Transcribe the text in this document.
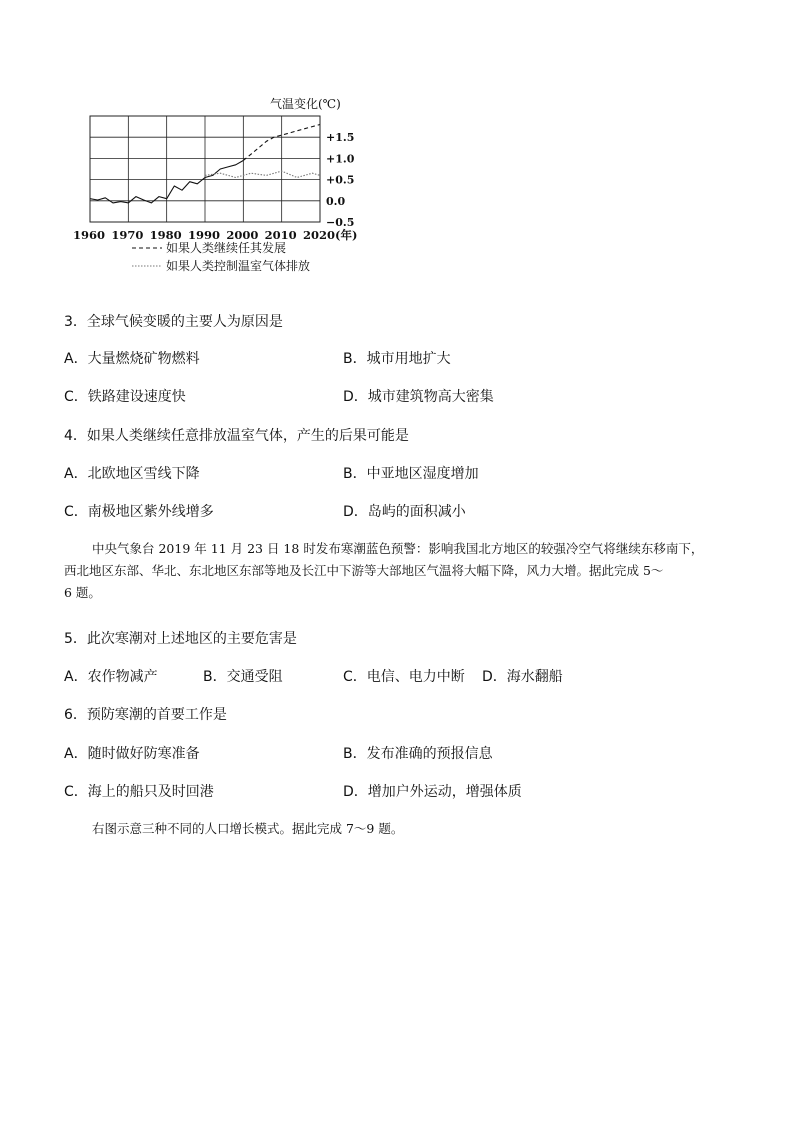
气温变化(℃)
+1.5
+1.0
+0.5
0.0
−0.5
1960 1970 1980 1990 2000 2010 2020(年)
如果人类继续任其发展
如果人类控制温室气体排放
3．全球气候变暖的主要人为原因是
A．大量燃烧矿物燃料	B．城市用地扩大
C．铁路建设速度快	D．城市建筑物高大密集
4．如果人类继续任意排放温室气体，产生的后果可能是
A．北欧地区雪线下降	B．中亚地区湿度增加
C．南极地区紫外线增多	D．岛屿的面积减小
中央气象台 2019 年 11 月 23 日 18 时发布寒潮蓝色预警：影响我国北方地区的较强冷空气将继续东移南下，
西北地区东部、华北、东北地区东部等地及长江中下游等大部地区气温将大幅下降，风力大增。据此完成 5～
6 题。
5．此次寒潮对上述地区的主要危害是
A．农作物减产	B．交通受阻	C．电信、电力中断 D．海水翻船
6．预防寒潮的首要工作是
A．随时做好防寒准备	B．发布准确的预报信息
C．海上的船只及时回港	D．增加户外运动，增强体质
右图示意三种不同的人口增长模式。据此完成 7～9 题。
